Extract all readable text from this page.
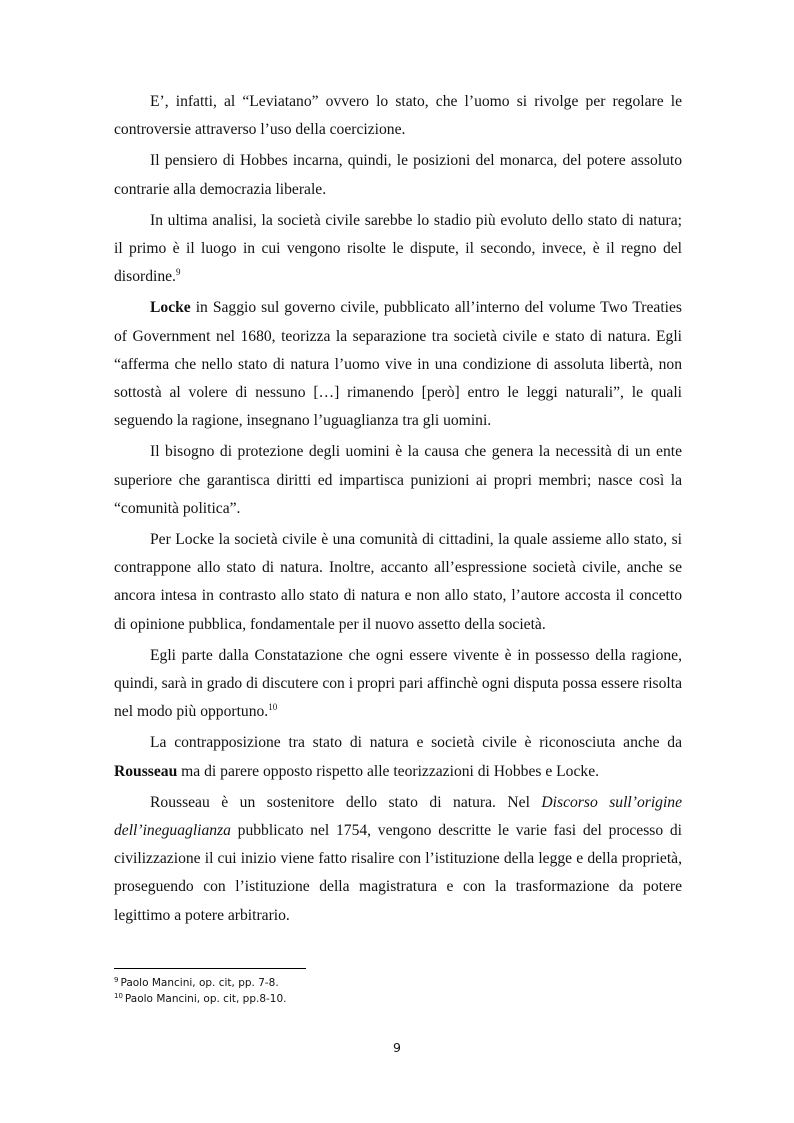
E’, infatti, al “Leviatano” ovvero lo stato, che l’uomo si rivolge per regolare le controversie attraverso l’uso della coercizione.

Il pensiero di Hobbes incarna, quindi, le posizioni del monarca, del potere assoluto contrarie alla democrazia liberale.

In ultima analisi, la società civile sarebbe lo stadio più evoluto dello stato di natura; il primo è il luogo in cui vengono risolte le dispute, il secondo, invece, è il regno del disordine.$^9$

Locke in Saggio sul governo civile, pubblicato all’interno del volume Two Treaties of Government nel 1680, teorizza la separazione tra società civile e stato di natura. Egli “afferma che nello stato di natura l’uomo vive in una condizione di assoluta libertà, non sottostà al volere di nessuno […] rimanendo [però] entro le leggi naturali”, le quali seguendo la ragione, insegnano l’uguaglianza tra gli uomini.

Il bisogno di protezione degli uomini è la causa che genera la necessità di un ente superiore che garantisca diritti ed impartisca punizioni ai propri membri; nasce così la “comunità politica”.

Per Locke la società civile è una comunità di cittadini, la quale assieme allo stato, si contrappone allo stato di natura. Inoltre, accanto all’espressione società civile, anche se ancora intesa in contrasto allo stato di natura e non allo stato, l’autore accosta il concetto di opinione pubblica, fondamentale per il nuovo assetto della società.

Egli parte dalla Constatazione che ogni essere vivente è in possesso della ragione, quindi, sarà in grado di discutere con i propri pari affinchè ogni disputa possa essere risolta nel modo più opportuno.$^{10}$

La contrapposizione tra stato di natura e società civile è riconosciuta anche da Rousseau ma di parere opposto rispetto alle teorizzazioni di Hobbes e Locke.

Rousseau è un sostenitore dello stato di natura. Nel Discorso sull’origine dell’ineguaglianza pubblicato nel 1754, vengono descritte le varie fasi del processo di civilizzazione il cui inizio viene fatto risalire con l’istituzione della legge e della proprietà, proseguendo con l’istituzione della magistratura e con la trasformazione da potere legittimo a potere arbitrario.

$^9$ Paolo Mancini, op. cit, pp. 7-8.
$^{10}$ Paolo Mancini, op. cit, pp.8-10.
9
